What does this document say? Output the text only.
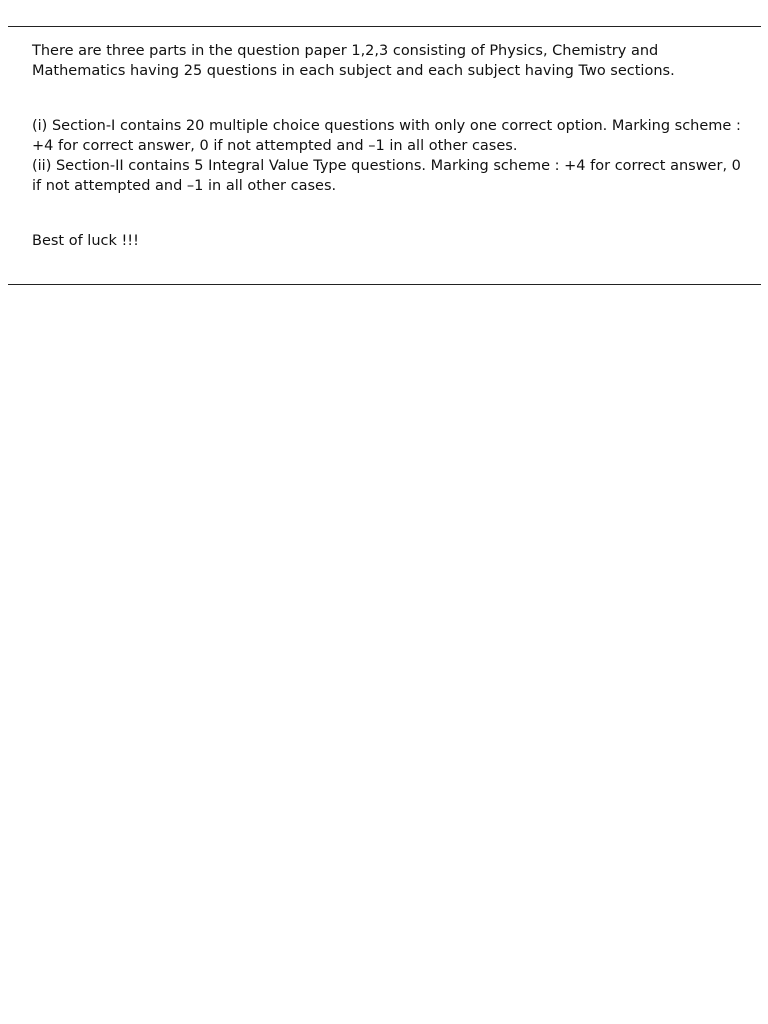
There are three parts in the question paper 1,2,3 consisting of Physics, Chemistry and Mathematics having 25 questions in each subject and each subject having Two sections.

(i) Section-I contains 20 multiple choice questions with only one correct option. Marking scheme : +4 for correct answer, 0 if not attempted and –1 in all other cases.

(ii) Section-II contains 5 Integral Value Type questions. Marking scheme : +4 for correct answer, 0 if not attempted and –1 in all other cases.

Best of luck !!!
